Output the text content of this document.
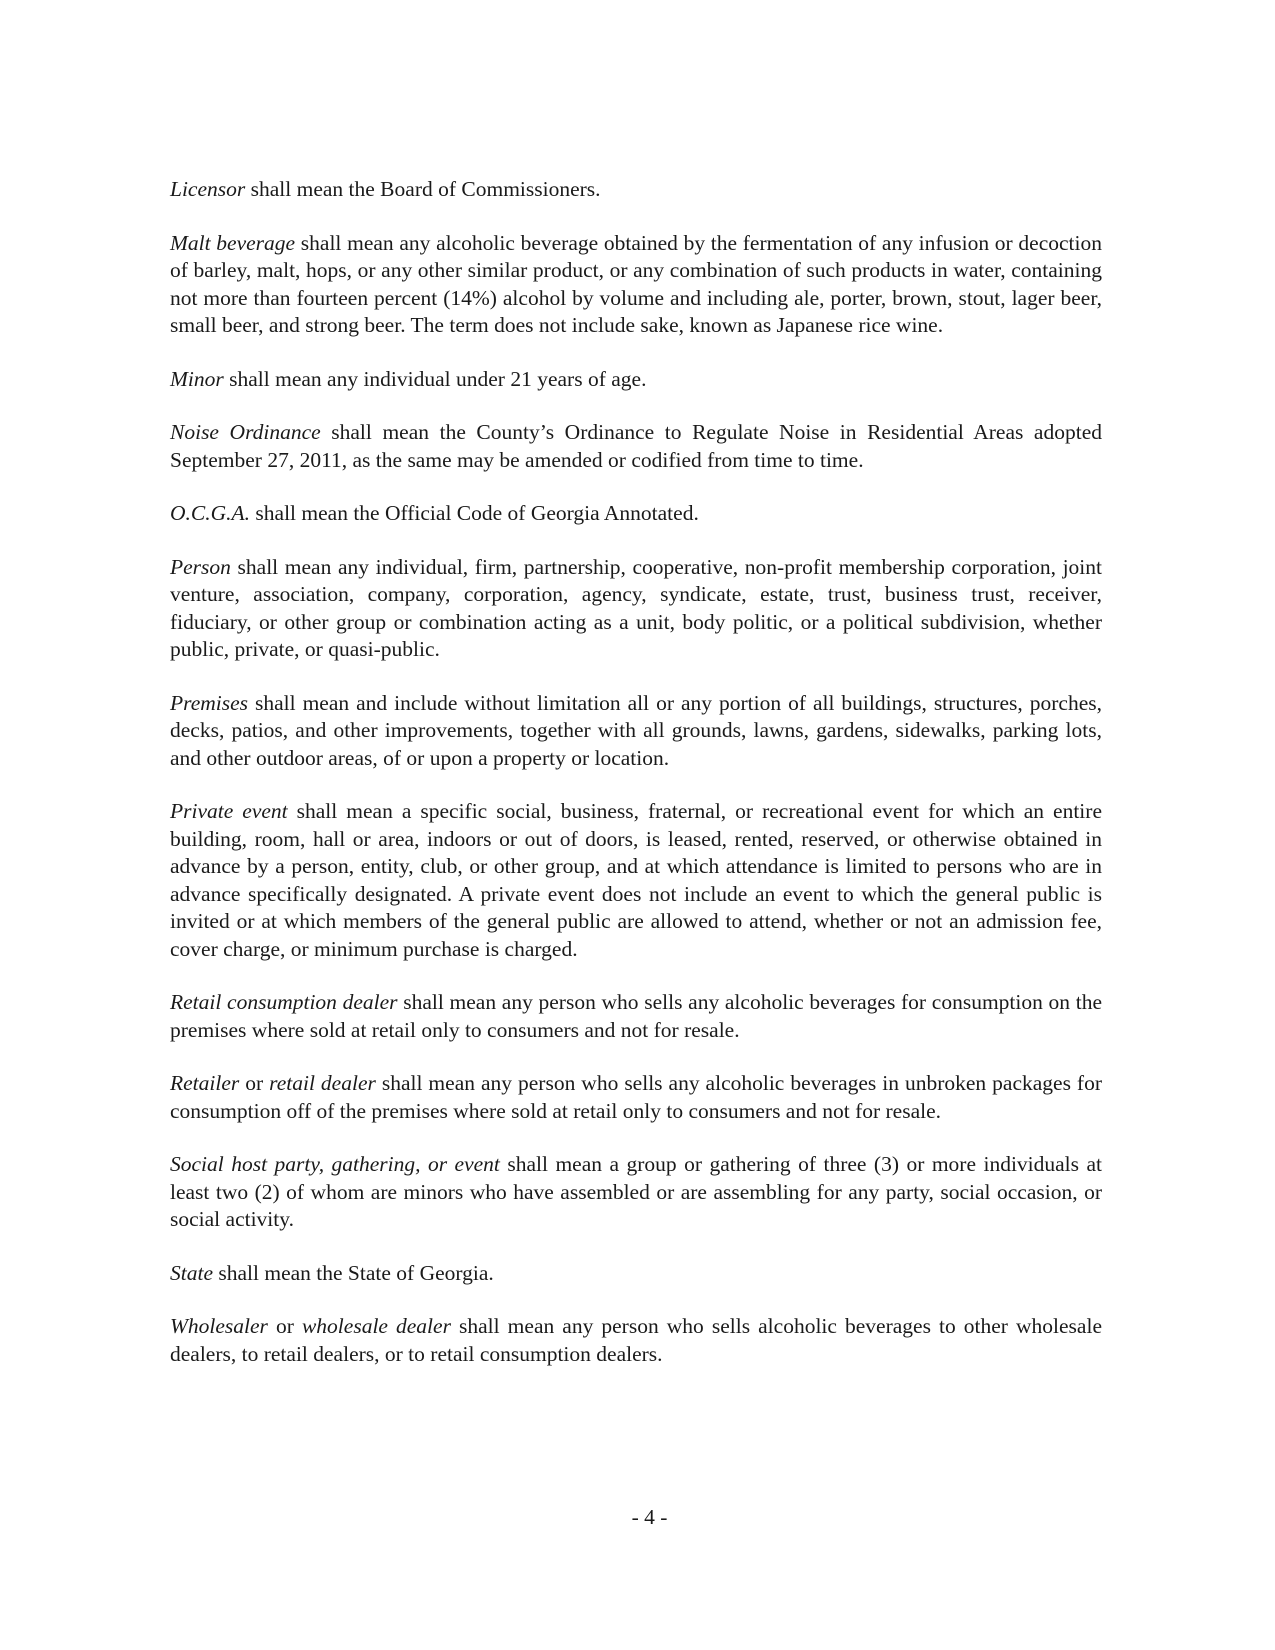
Licensor shall mean the Board of Commissioners.

Malt beverage shall mean any alcoholic beverage obtained by the fermentation of any infusion or decoction of barley, malt, hops, or any other similar product, or any combination of such products in water, containing not more than fourteen percent (14%) alcohol by volume and including ale, porter, brown, stout, lager beer, small beer, and strong beer. The term does not include sake, known as Japanese rice wine.

Minor shall mean any individual under 21 years of age.

Noise Ordinance shall mean the County’s Ordinance to Regulate Noise in Residential Areas adopted September 27, 2011, as the same may be amended or codified from time to time.

O.C.G.A. shall mean the Official Code of Georgia Annotated.

Person shall mean any individual, firm, partnership, cooperative, non-profit membership corporation, joint venture, association, company, corporation, agency, syndicate, estate, trust, business trust, receiver, fiduciary, or other group or combination acting as a unit, body politic, or a political subdivision, whether public, private, or quasi-public.

Premises shall mean and include without limitation all or any portion of all buildings, structures, porches, decks, patios, and other improvements, together with all grounds, lawns, gardens, sidewalks, parking lots, and other outdoor areas, of or upon a property or location.

Private event shall mean a specific social, business, fraternal, or recreational event for which an entire building, room, hall or area, indoors or out of doors, is leased, rented, reserved, or otherwise obtained in advance by a person, entity, club, or other group, and at which attendance is limited to persons who are in advance specifically designated. A private event does not include an event to which the general public is invited or at which members of the general public are allowed to attend, whether or not an admission fee, cover charge, or minimum purchase is charged.

Retail consumption dealer shall mean any person who sells any alcoholic beverages for consumption on the premises where sold at retail only to consumers and not for resale.

Retailer or retail dealer shall mean any person who sells any alcoholic beverages in unbroken packages for consumption off of the premises where sold at retail only to consumers and not for resale.

Social host party, gathering, or event shall mean a group or gathering of three (3) or more individuals at least two (2) of whom are minors who have assembled or are assembling for any party, social occasion, or social activity.

State shall mean the State of Georgia.

Wholesaler or wholesale dealer shall mean any person who sells alcoholic beverages to other wholesale dealers, to retail dealers, or to retail consumption dealers.

- 4 -
